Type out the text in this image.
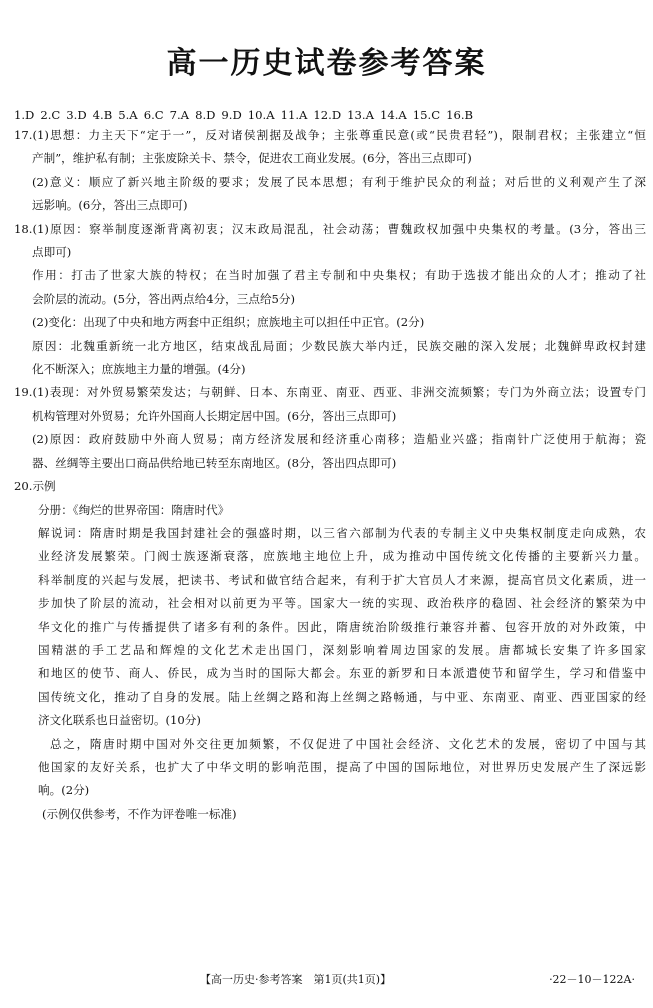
高一历史试卷参考答案
1.D 2.C 3.D 4.B 5.A 6.C 7.A 8.D 9.D 10.A 11.A 12.D 13.A 14.A 15.C 16.B
17.(1)思想：力主天下“定于一”，反对诸侯割据及战争；主张尊重民意(或“民贵君轻”)，限制君权；主张建立“恒
产制”，维护私有制；主张废除关卡、禁令，促进农工商业发展。(6分，答出三点即可)
(2)意义：顺应了新兴地主阶级的要求；发展了民本思想；有利于维护民众的利益；对后世的义利观产生了深
远影响。(6分，答出三点即可)
18.(1)原因：察举制度逐渐背离初衷；汉末政局混乱，社会动荡；曹魏政权加强中央集权的考量。(3分，答出三
点即可)
作用：打击了世家大族的特权；在当时加强了君主专制和中央集权；有助于选拔才能出众的人才；推动了社
会阶层的流动。(5分，答出两点给4分，三点给5分)
(2)变化：出现了中央和地方两套中正组织；庶族地主可以担任中正官。(2分)
原因：北魏重新统一北方地区，结束战乱局面；少数民族大举内迁，民族交融的深入发展；北魏鲜卑政权封建
化不断深入；庶族地主力量的增强。(4分)
19.(1)表现：对外贸易繁荣发达；与朝鲜、日本、东南亚、南亚、西亚、非洲交流频繁；专门为外商立法；设置专门
机构管理对外贸易；允许外国商人长期定居中国。(6分，答出三点即可)
(2)原因：政府鼓励中外商人贸易；南方经济发展和经济重心南移；造船业兴盛；指南针广泛使用于航海；瓷
器、丝绸等主要出口商品供给地已转至东南地区。(8分，答出四点即可)
20.示例
分册：《绚烂的世界帝国：隋唐时代》
解说词：隋唐时期是我国封建社会的强盛时期，以三省六部制为代表的专制主义中央集权制度走向成熟，农
业经济发展繁荣。门阀士族逐渐衰落，庶族地主地位上升，成为推动中国传统文化传播的主要新兴力量。
科举制度的兴起与发展，把读书、考试和做官结合起来，有利于扩大官员人才来源，提高官员文化素质，进一
步加快了阶层的流动，社会相对以前更为平等。国家大一统的实现、政治秩序的稳固、社会经济的繁荣为中
华文化的推广与传播提供了诸多有利的条件。因此，隋唐统治阶级推行兼容并蓄、包容开放的对外政策，中
国精湛的手工艺品和辉煌的文化艺术走出国门，深刻影响着周边国家的发展。唐都城长安集了许多国家
和地区的使节、商人、侨民，成为当时的国际大都会。东亚的新罗和日本派遣使节和留学生，学习和借鉴中
国传统文化，推动了自身的发展。陆上丝绸之路和海上丝绸之路畅通，与中亚、东南亚、南亚、西亚国家的经
济文化联系也日益密切。(10分)
总之，隋唐时期中国对外交往更加频繁，不仅促进了中国社会经济、文化艺术的发展，密切了中国与其
他国家的友好关系，也扩大了中华文明的影响范围，提高了中国的国际地位，对世界历史发展产生了深远影
响。(2分)
(示例仅供参考，不作为评卷唯一标准)
【高一历史·参考答案　第1页(共1页)】	·22－10－122A·
